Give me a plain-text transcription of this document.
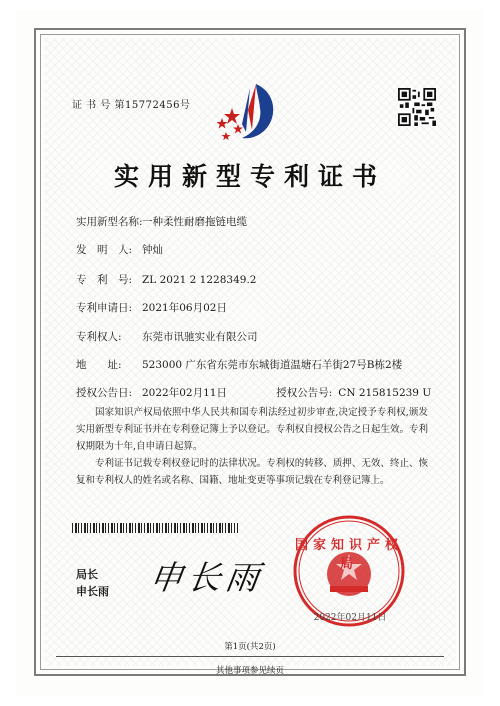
证 书 号 第15772456号
实用新型专利证书
实用新型名称:一种柔性耐磨拖链电缆
发　明　人: 钟灿
专　利　号: ZL 2021 2 1228349.2
专利申请日: 2021年06月02日
专利权人: 东莞市讯驰实业有限公司
地　　址: 523000 广东省东莞市东城街道温塘石羊街27号B栋2楼
授权公告日: 2022年02月11日	授权公告号: CN 215815239 U
国家知识产权局依照中华人民共和国专利法经过初步审查,决定授予专利权,颁发实用新型专利证书并在专利登记簿上予以登记。专利权自授权公告之日起生效。专利权期限为十年,自申请日起算。
专利证书记载专利权登记时的法律状况。专利权的转移、质押、无效、终止、恢复和专利权人的姓名或名称、国籍、地址变更等事项记载在专利登记簿上。
局长
申长雨 申长雨
国家知识产权局
2022年02月11日
第1页(共2页)
其他事项参见续页
